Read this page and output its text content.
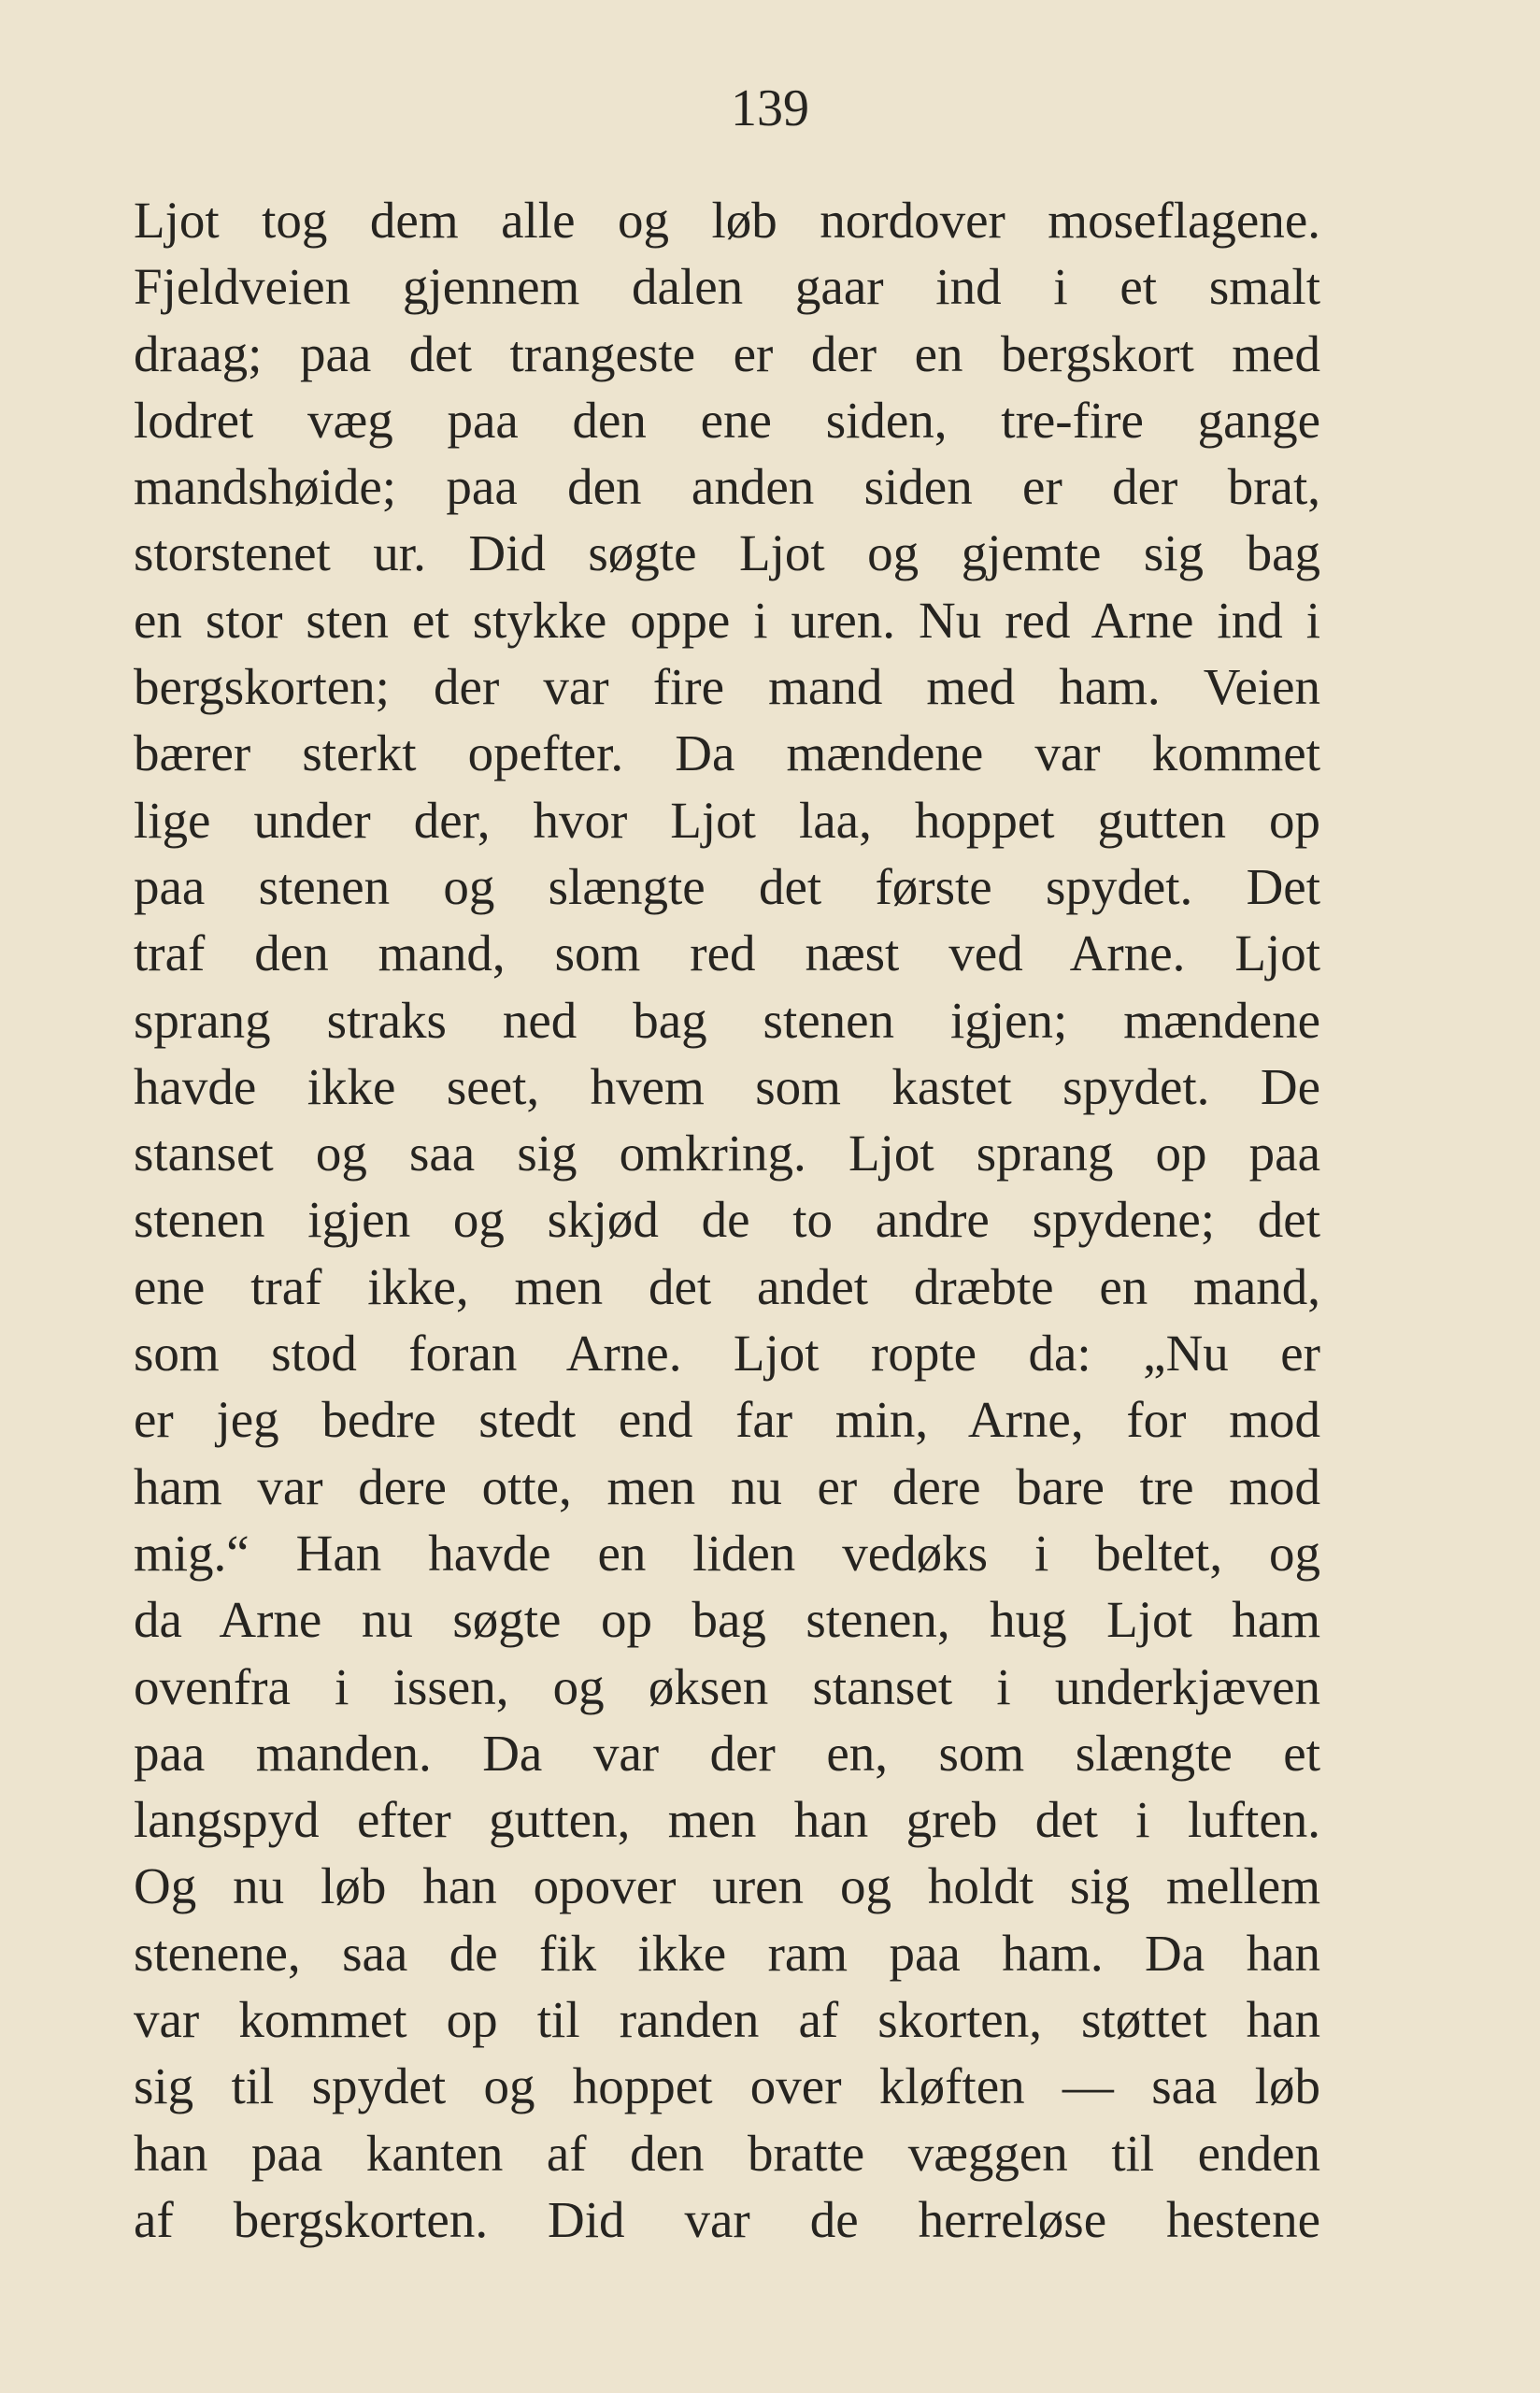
139
Ljot tog dem alle og løb nordover moseflagene.
Fjeldveien gjennem dalen gaar ind i et smalt
draag; paa det trangeste er der en bergskort med
lodret væg paa den ene siden, tre-fire gange
mandshøide; paa den anden siden er der brat,
storstenet ur. Did søgte Ljot og gjemte sig bag
en stor sten et stykke oppe i uren. Nu red Arne ind i
bergskorten; der var fire mand med ham. Veien
bærer sterkt opefter. Da mændene var kommet
lige under der, hvor Ljot laa, hoppet gutten op
paa stenen og slængte det første spydet. Det
traf den mand, som red næst ved Arne. Ljot
sprang straks ned bag stenen igjen; mændene
havde ikke seet, hvem som kastet spydet. De
stanset og saa sig omkring. Ljot sprang op paa
stenen igjen og skjød de to andre spydene; det
ene traf ikke, men det andet dræbte en mand,
som stod foran Arne. Ljot ropte da: „Nu er
er jeg bedre stedt end far min, Arne, for mod
ham var dere otte, men nu er dere bare tre mod
mig.“ Han havde en liden vedøks i beltet, og
da Arne nu søgte op bag stenen, hug Ljot ham
ovenfra i issen, og øksen stanset i underkjæven
paa manden. Da var der en, som slængte et
langspyd efter gutten, men han greb det i luften.
Og nu løb han opover uren og holdt sig mellem
stenene, saa de fik ikke ram paa ham. Da han
var kommet op til randen af skorten, støttet han
sig til spydet og hoppet over kløften — saa løb
han paa kanten af den bratte væggen til enden
af bergskorten. Did var de herreløse hestene
